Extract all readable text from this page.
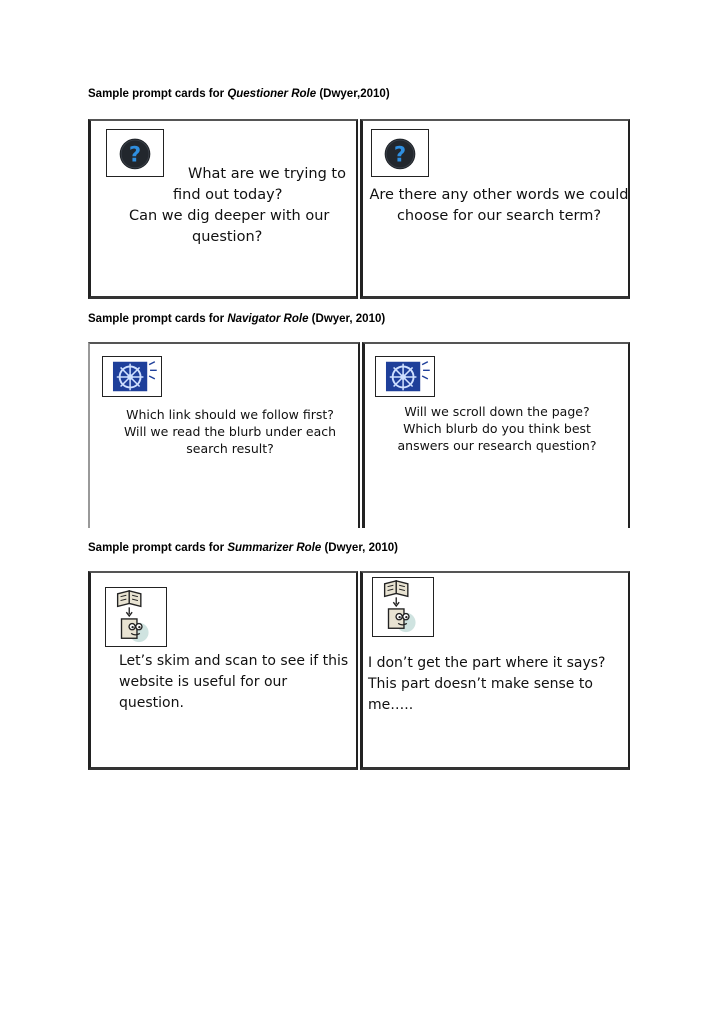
Sample prompt cards for Questioner Role (Dwyer,2010)
?
What are we trying to
find out today?
Can we dig deeper with our
question?
?
Are there any other words we could
choose for our search term?
Sample prompt cards for Navigator Role (Dwyer, 2010)
Which link should we follow first?
Will we read the blurb under each
search result?
Will we scroll down the page?
Which blurb do you think best
answers our research question?
Sample prompt cards for Summarizer Role (Dwyer, 2010)
Let’s skim and scan to see if this
website is useful for our
question.
I don’t get the part where it says?
This part doesn’t make sense to
me…..
